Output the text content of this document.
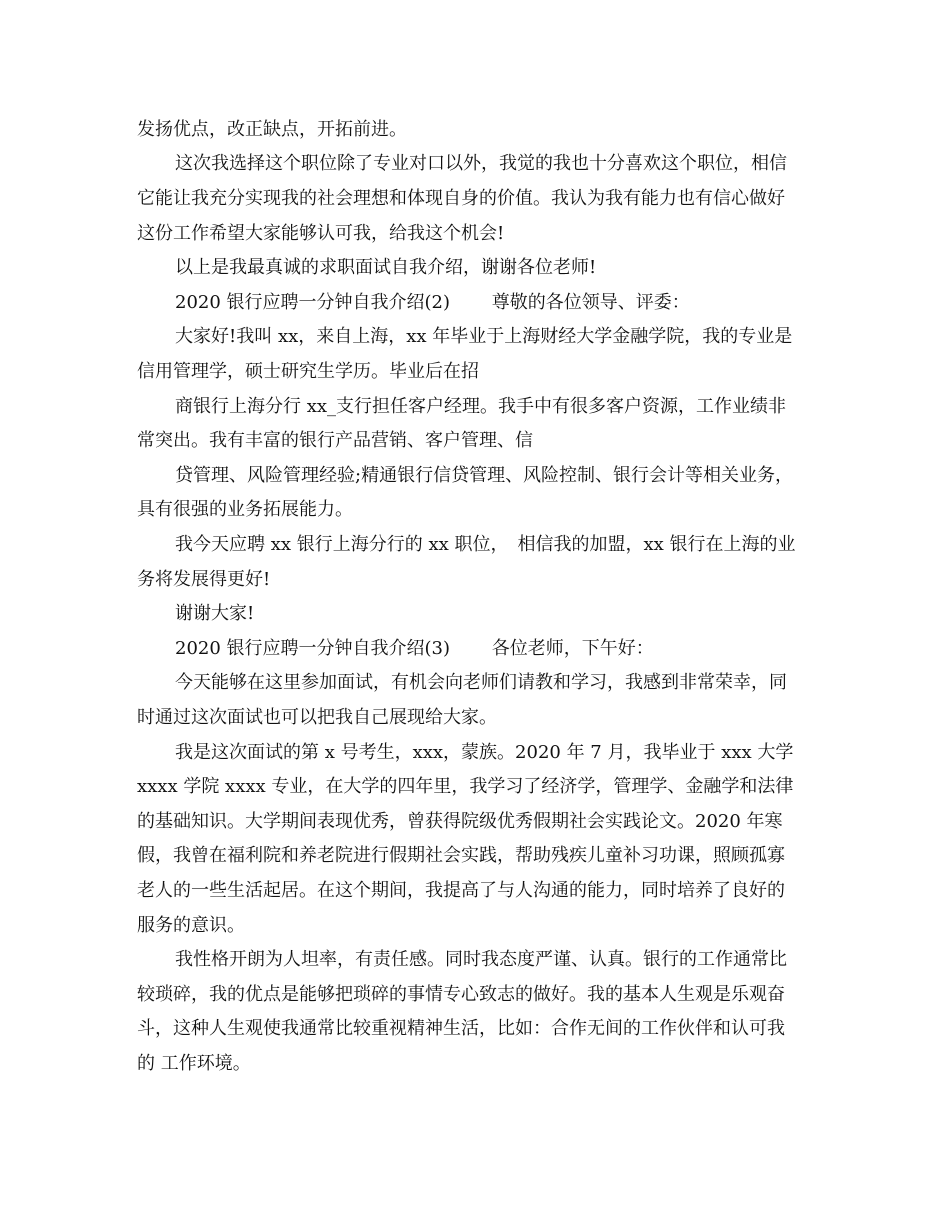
发扬优点，改正缺点，开拓前进。
这次我选择这个职位除了专业对口以外，我觉的我也十分喜欢这个职位，相信
它能让我充分实现我的社会理想和体现自身的价值。我认为我有能力也有信心做好
这份工作希望大家能够认可我，给我这个机会!
以上是我最真诚的求职面试自我介绍，谢谢各位老师!
2020 银行应聘一分钟自我介绍(2)　　 尊敬的各位领导、评委：
大家好!我叫 xx，来自上海，xx 年毕业于上海财经大学金融学院，我的专业是
信用管理学，硕士研究生学历。毕业后在招
商银行上海分行 xx_支行担任客户经理。我手中有很多客户资源，工作业绩非
常突出。我有丰富的银行产品营销、客户管理、信
贷管理、风险管理经验;精通银行信贷管理、风险控制、银行会计等相关业务，
具有很强的业务拓展能力。
我今天应聘 xx 银行上海分行的 xx 职位，　相信我的加盟，xx 银行在上海的业
务将发展得更好!
谢谢大家!
2020 银行应聘一分钟自我介绍(3)　　 各位老师，下午好：
今天能够在这里参加面试，有机会向老师们请教和学习，我感到非常荣幸，同
时通过这次面试也可以把我自己展现给大家。
我是这次面试的第 x 号考生，xxx，蒙族。2020 年 7 月，我毕业于 xxx 大学
xxxx 学院 xxxx 专业，在大学的四年里，我学习了经济学，管理学、金融学和法律
的基础知识。大学期间表现优秀，曾获得院级优秀假期社会实践论文。2020 年寒
假，我曾在福利院和养老院进行假期社会实践，帮助残疾儿童补习功课，照顾孤寡
老人的一些生活起居。在这个期间，我提高了与人沟通的能力，同时培养了良好的
服务的意识。
我性格开朗为人坦率，有责任感。同时我态度严谨、认真。银行的工作通常比
较琐碎，我的优点是能够把琐碎的事情专心致志的做好。我的基本人生观是乐观奋
斗，这种人生观使我通常比较重视精神生活，比如：合作无间的工作伙伴和认可我
的 工作环境。
